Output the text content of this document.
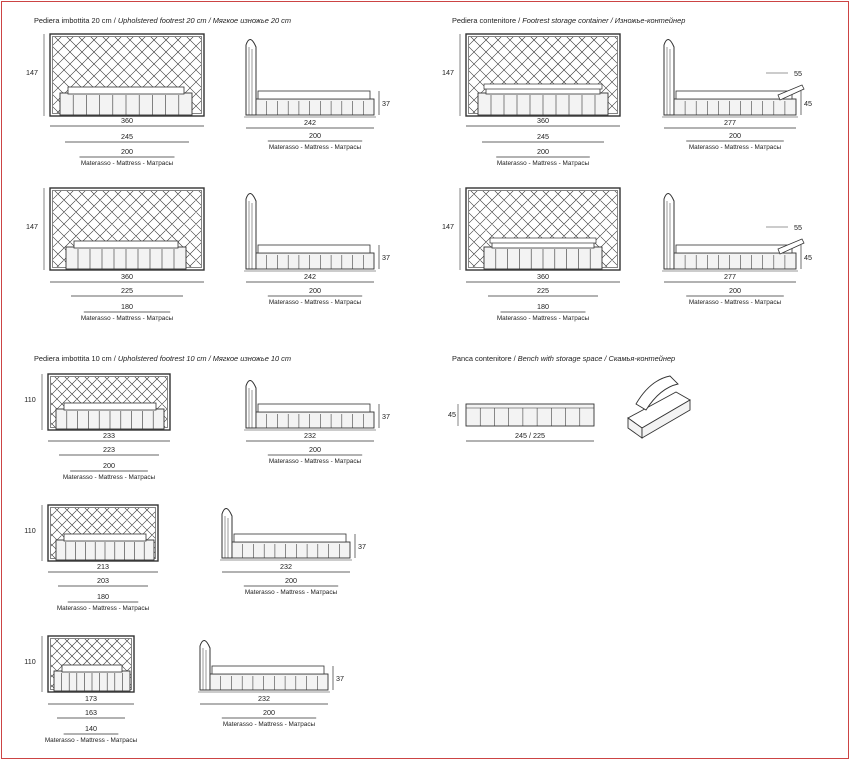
Pediera imbottita 20 cm / Upholstered footrest 20 cm / Мягкое изножье 20 cm	Pediera contenitore / Footrest storage container / Изножье-контейнер
Pediera imbottita 10 cm / Upholstered footrest 10 cm / Мягкое изножье 10 cm	Panca contenitore / Bench with storage space / Скамья-контейнер
147
360
245
200
Materasso - Mattress - Матрасы
37
242
200
Materasso - Mattress - Матрасы
147
360
225
180
Materasso - Mattress - Матрасы
37
242
200
Materasso - Mattress - Матрасы
147
360
245
200
Materasso - Mattress - Матрасы
45
55
277
200
Materasso - Mattress - Матрасы
147
360
225
180
Materasso - Mattress - Матрасы
45
55
277
200
Materasso - Mattress - Матрасы
110
233
223
200
Materasso - Mattress - Матрасы
37
232
200
Materasso - Mattress - Матрасы
110
213
203
180
Materasso - Mattress - Матрасы
37
232
200
Materasso - Mattress - Матрасы
110
173
163
140
Materasso - Mattress - Матрасы
37
232
200
Materasso - Mattress - Матрасы
45
245 / 225
